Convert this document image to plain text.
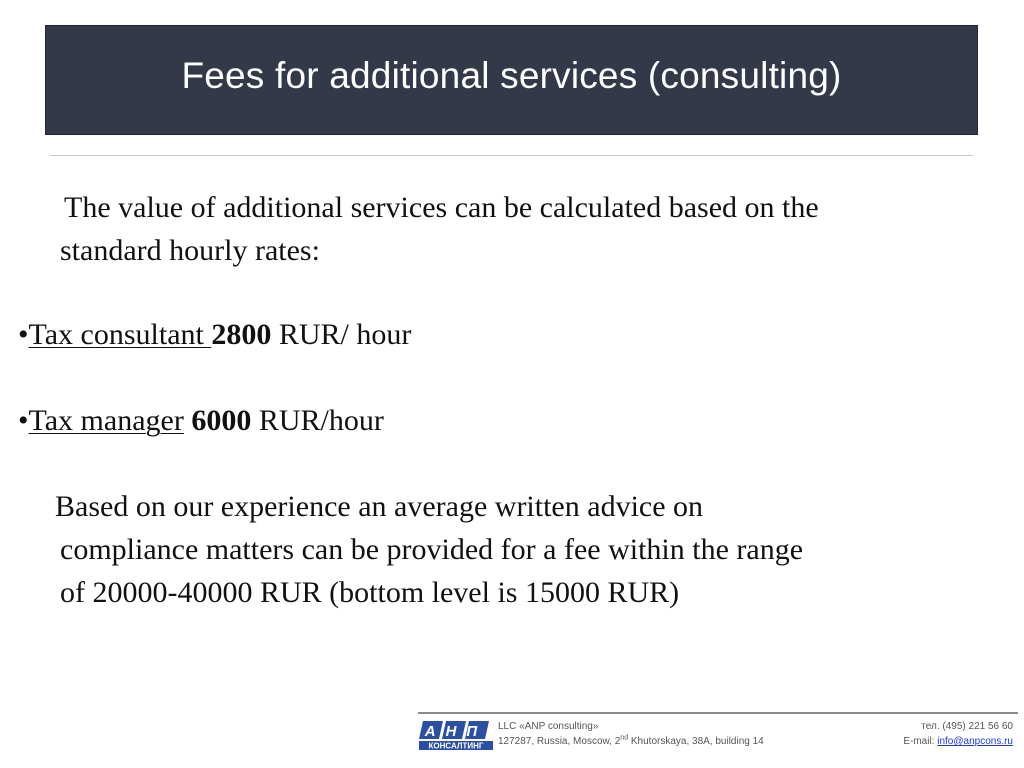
Fees for additional services (consulting)
The value of additional services can be calculated based on the
standard hourly rates:
•Tax consultant 2800 RUR/ hour
•Tax manager 6000 RUR/hour
Based on our experience an average written advice on
compliance matters can be provided for a fee within the range
of 20000-40000 RUR (bottom level is 15000 RUR)
АНП
КОНСАЛТИНГ
LLC «ANP consulting»
127287, Russia, Moscow, 2nd Khutorskaya, 38A, building 14
тел. (495) 221 56 60
E-mail: info@anpcons.ru
